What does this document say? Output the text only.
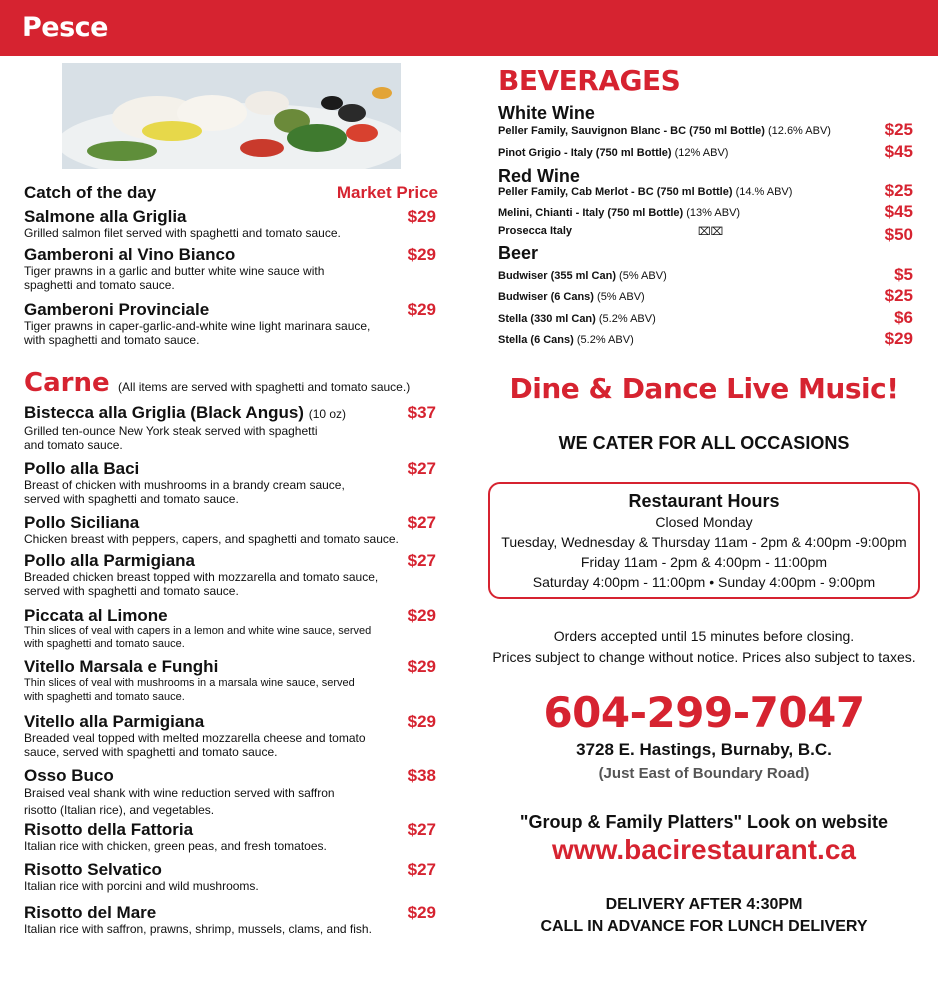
Pesce
Catch of the day	Market Price
Salmone alla Griglia	$29
Grilled salmon filet served with spaghetti and tomato sauce.
Gamberoni al Vino Bianco	$29
Tiger prawns in a garlic and butter white wine sauce with
spaghetti and tomato sauce.
Gamberoni Provinciale	$29
Tiger prawns in caper-garlic-and-white wine light marinara sauce,
with spaghetti and tomato sauce.
Carne (All items are served with spaghetti and tomato sauce.)
Bistecca alla Griglia (Black Angus) (10 oz)	$37
Grilled ten-ounce New York steak served with spaghetti
and tomato sauce.
Pollo alla Baci	$27
Breast of chicken with mushrooms in a brandy cream sauce,
served with spaghetti and tomato sauce.
Pollo Siciliana	$27
Chicken breast with peppers, capers, and spaghetti and tomato sauce.
Pollo alla Parmigiana	$27
Breaded chicken breast topped with mozzarella and tomato sauce,
served with spaghetti and tomato sauce.
Piccata al Limone	$29
Thin slices of veal with capers in a lemon and white wine sauce, served
with spaghetti and tomato sauce.
Vitello Marsala e Funghi	$29
Thin slices of veal with mushrooms in a marsala wine sauce, served
with spaghetti and tomato sauce.
Vitello alla Parmigiana	$29
Breaded veal topped with melted mozzarella cheese and tomato
sauce, served with spaghetti and tomato sauce.
Osso Buco	$38
Braised veal shank with wine reduction served with saffron
risotto (Italian rice), and vegetables.
Risotto della Fattoria	$27
Italian rice with chicken, green peas, and fresh tomatoes.
Risotto Selvatico	$27
Italian rice with porcini and wild mushrooms.
Risotto del Mare	$29
Italian rice with saffron, prawns, shrimp, mussels, clams, and fish.
BEVERAGES
White Wine
Peller Family, Sauvignon Blanc - BC (750 ml Bottle) (12.6% ABV)	$25
Pinot Grigio - Italy (750 ml Bottle) (12% ABV)	$45
Red Wine
Peller Family, Cab Merlot - BC (750 ml Bottle) (14.% ABV)	$25
Melini, Chianti - Italy (750 ml Bottle) (13% ABV)	$45
Prosecca Italy	⌧⌧	$50
Beer
Budwiser (355 ml Can) (5% ABV)	$5
Budwiser (6 Cans) (5% ABV)	$25
Stella (330 ml Can) (5.2% ABV)	$6
Stella (6 Cans) (5.2% ABV)	$29
Dine & Dance Live Music!
WE CATER FOR ALL OCCASIONS
Restaurant Hours
Closed Monday
Tuesday, Wednesday & Thursday 11am - 2pm & 4:00pm -9:00pm
Friday 11am - 2pm & 4:00pm - 11:00pm
Saturday 4:00pm - 11:00pm • Sunday 4:00pm - 9:00pm
Orders accepted until 15 minutes before closing.
Prices subject to change without notice. Prices also subject to taxes.
604-299-7047
3728 E. Hastings, Burnaby, B.C.
(Just East of Boundary Road)
"Group & Family Platters" Look on website
www.bacirestaurant.ca
DELIVERY AFTER 4:30PM
CALL IN ADVANCE FOR LUNCH DELIVERY
